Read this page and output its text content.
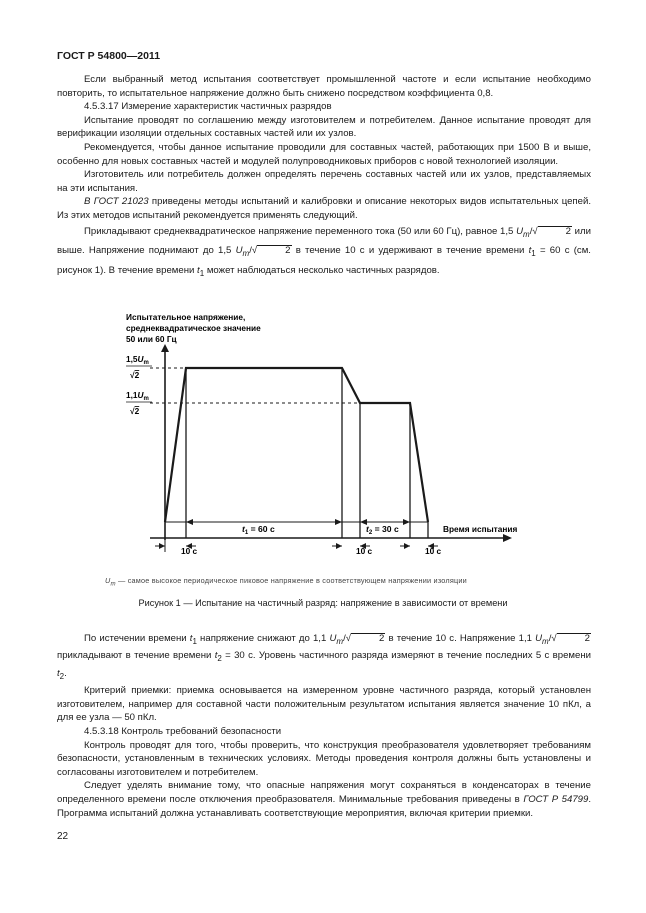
ГОСТ Р 54800—2011

Если выбранный метод испытания соответствует промышленной частоте и если испытание необходимо повторить, то испытательное напряжение должно быть снижено посредством коэффициента 0,8.

4.5.3.17 Измерение характеристик частичных разрядов

Испытание проводят по соглашению между изготовителем и потребителем. Данное испытание проводят для верификации изоляции отдельных составных частей или их узлов.

Рекомендуется, чтобы данное испытание проводили для составных частей, работающих при 1500 В и выше, особенно для новых составных частей и модулей полупроводниковых приборов с новой технологией изоляции.

Изготовитель или потребитель должен определять перечень составных частей или их узлов, представляемых на эти испытания.

В ГОСТ 21023 приведены методы испытаний и калибровки и описание некоторых видов испытательных цепей. Из этих методов испытаний рекомендуется применять следующий.

Прикладывают среднеквадратическое напряжение переменного тока (50 или 60 Гц), равное 1,5 $U_m/√$	2 или выше. Напряжение поднимают до 1,5 $U_m/√$	2 в течение 10 с и удерживают в течение времени $t_1 = 60$ с (см. рисунок 1). В течение времени $t_1$ может наблюдаться несколько частичных разрядов.

Испытательное напряжение,
среднеквадратическое значение
50 или 60 Гц
$t_1 = 60$ с	$t_2 = 30$ с	Время испытания
$1,5U_m$
√2
$1,1U_m$
√2
10 с	10 с	10 с
$U_m$ — самое высокое периодическое пиковое напряжение в соответствующем напряжении изоляции
Рисунок 1 — Испытание на частичный разряд: напряжение в зависимости от времени

По истечении времени $t_1$ напряжение снижают до 1,1 $U_m/√$	2 в течение 10 с. Напряжение 1,1 $U_m/√$	2 прикладывают в течение времени $t_2 = 30$ с. Уровень частичного разряда измеряют в течение последних 5 с времени $t_2$.

Критерий приемки: приемка основывается на измеренном уровне частичного разряда, который установлен изготовителем, например для составной части положительным результатом испытания является значение 10 пКл, а для ее узла — 50 пКл.

4.5.3.18 Контроль требований безопасности

Контроль проводят для того, чтобы проверить, что конструкция преобразователя удовлетворяет требованиям безопасности, установленным в технических условиях. Методы проведения контроля должны быть установлены и согласованы изготовителем и потребителем.

Следует уделять внимание тому, что опасные напряжения могут сохраняться в конденсаторах в течение определенного времени после отключения преобразователя. Минимальные требования приведены в ГОСТ Р 54799. Программа испытаний должна устанавливать соответствующие мероприятия, включая критерии приемки.

22
